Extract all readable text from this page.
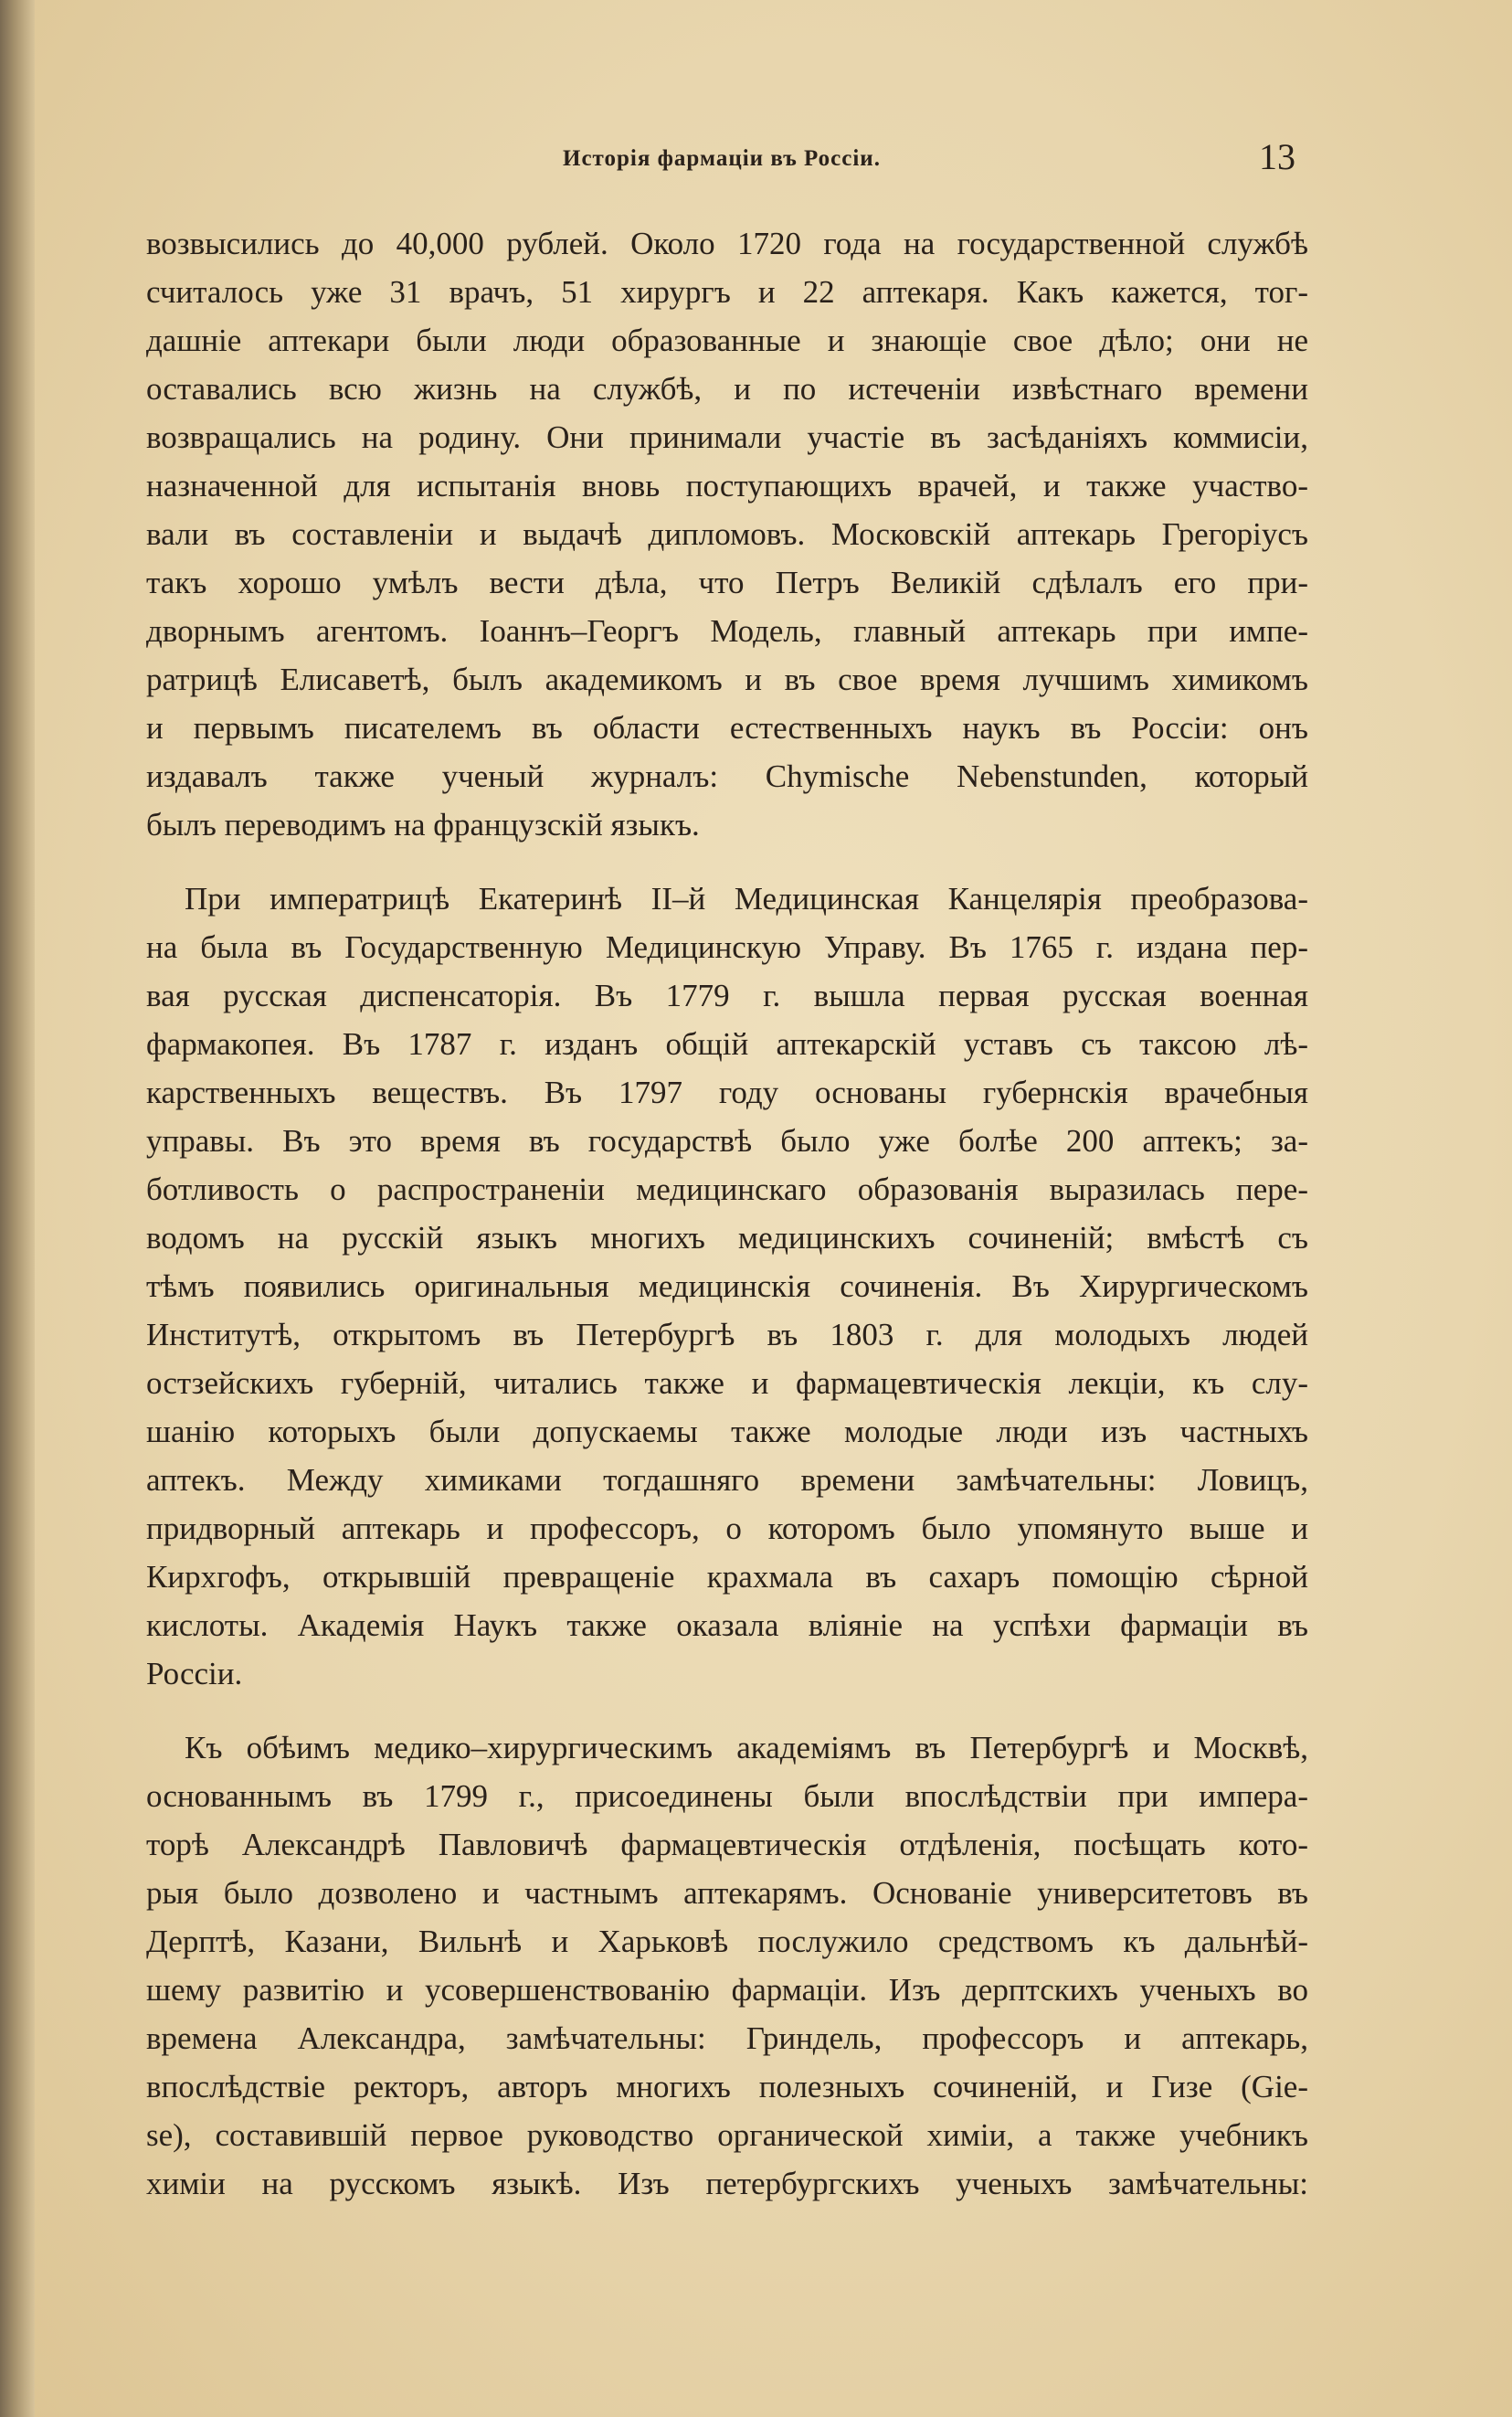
Исторія фармаціи въ Россіи.	13
возвысились до 40,000 рублей. Около 1720 года на государственной службѣ
считалось уже 31 врачъ, 51 хирургъ и 22 аптекаря. Какъ кажется, тог-
дашніе аптекари были люди образованные и знающіе свое дѣло; они не
оставались всю жизнь на службѣ, и по истеченіи извѣстнаго времени
возвращались на родину. Они принимали участіе въ засѣданіяхъ коммисіи,
назначенной для испытанія вновь поступающихъ врачей, и также участво-
вали въ составленіи и выдачѣ дипломовъ. Московскій аптекарь Грегоріусъ
такъ хорошо умѣлъ вести дѣла, что Петръ Великій сдѣлалъ его при-
дворнымъ агентомъ. Іоаннъ–Георгъ Модель, главный аптекарь при импе-
ратрицѣ Елисаветѣ, былъ академикомъ и въ свое время лучшимъ химикомъ
и первымъ писателемъ въ области естественныхъ наукъ въ Россіи: онъ
издавалъ также ученый журналъ: Chymische Nebenstunden, который
былъ переводимъ на французскій языкъ.
При императрицѣ Екатеринѣ II–й Медицинская Канцелярія преобразова-
на была въ Государственную Медицинскую Управу. Въ 1765 г. издана пер-
вая русская диспенсаторія. Въ 1779 г. вышла первая русская военная
фармакопея. Въ 1787 г. изданъ общій аптекарскій уставъ съ таксою лѣ-
карственныхъ веществъ. Въ 1797 году основаны губернскія врачебныя
управы. Въ это время въ государствѣ было уже болѣе 200 аптекъ; за-
ботливость о распространеніи медицинскаго образованія выразилась пере-
водомъ на русскій языкъ многихъ медицинскихъ сочиненій; вмѣстѣ съ
тѣмъ появились оригинальныя медицинскія сочиненія. Въ Хирургическомъ
Институтѣ, открытомъ въ Петербургѣ въ 1803 г. для молодыхъ людей
остзейскихъ губерній, читались также и фармацевтическія лекціи, къ слу-
шанію которыхъ были допускаемы также молодые люди изъ частныхъ
аптекъ. Между химиками тогдашняго времени замѣчательны: Ловицъ,
придворный аптекарь и профессоръ, о которомъ было упомянуто выше и
Кирхгофъ, открывшій превращеніе крахмала въ сахаръ помощію сѣрной
кислоты. Академія Наукъ также оказала вліяніе на успѣхи фармаціи въ
Россіи.
Къ обѣимъ медико–хирургическимъ академіямъ въ Петербургѣ и Москвѣ,
основаннымъ въ 1799 г., присоединены были впослѣдствіи при импера-
торѣ Александрѣ Павловичѣ фармацевтическія отдѣленія, посѣщать кото-
рыя было дозволено и частнымъ аптекарямъ. Основаніе университетовъ въ
Дерптѣ, Казани, Вильнѣ и Харьковѣ послужило средствомъ къ дальнѣй-
шему развитію и усовершенствованію фармаціи. Изъ дерптскихъ ученыхъ во
времена Александра, замѣчательны: Гриндель, профессоръ и аптекарь,
впослѣдствіе ректоръ, авторъ многихъ полезныхъ сочиненій, и Гизе (Gie-
se), составившій первое руководство органической химіи, а также учебникъ
химіи на русскомъ языкѣ. Изъ петербургскихъ ученыхъ замѣчательны:
